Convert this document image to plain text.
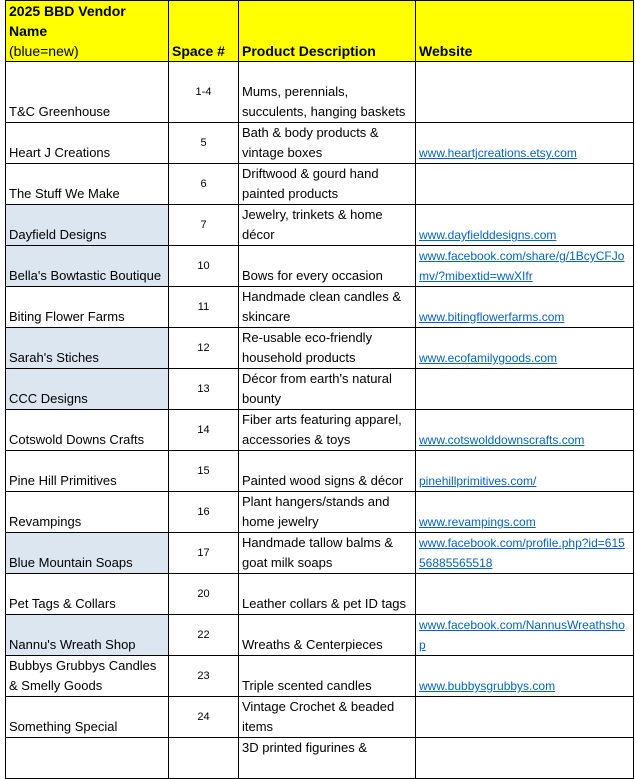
2025 BBD Vendor Name
(blue=new)	Space #	Product Description	Website
T&C Greenhouse	1-4	Mums, perennials, succulents, hanging baskets	
Heart J Creations	5	Bath & body products & vintage boxes	www.heartjcreations.etsy.com
The Stuff We Make	6	Driftwood & gourd hand painted products	
Dayfield Designs	7	Jewelry, trinkets & home décor	www.dayfielddesigns.com
Bella's Bowtastic Boutique	10	Bows for every occasion	www.facebook.com/share/g/1BcyCFJomv/?mibextid=wwXIfr
Biting Flower Farms	11	Handmade clean candles & skincare	www.bitingflowerfarms.com
Sarah's Stiches	12	Re-usable eco-friendly household products	www.ecofamilygoods.com
CCC Designs	13	Décor from earth's natural bounty	
Cotswold Downs Crafts	14	Fiber arts featuring apparel, accessories & toys	www.cotswolddownscrafts.com
Pine Hill Primitives	15	Painted wood signs & décor	pinehillprimitives.com/
Revampings	16	Plant hangers/stands and home jewelry	www.revampings.com
Blue Mountain Soaps	17	Handmade tallow balms & goat milk soaps	www.facebook.com/profile.php?id=61556885565518
Pet Tags & Collars	20	Leather collars & pet ID tags	
Nannu's Wreath Shop	22	Wreaths & Centerpieces	www.facebook.com/NannusWreathshop
Bubbys Grubbys Candles & Smelly Goods	23	Triple scented candles	www.bubbysgrubbys.com
Something Special	24	Vintage Crochet & beaded items	
		3D printed figurines &	
